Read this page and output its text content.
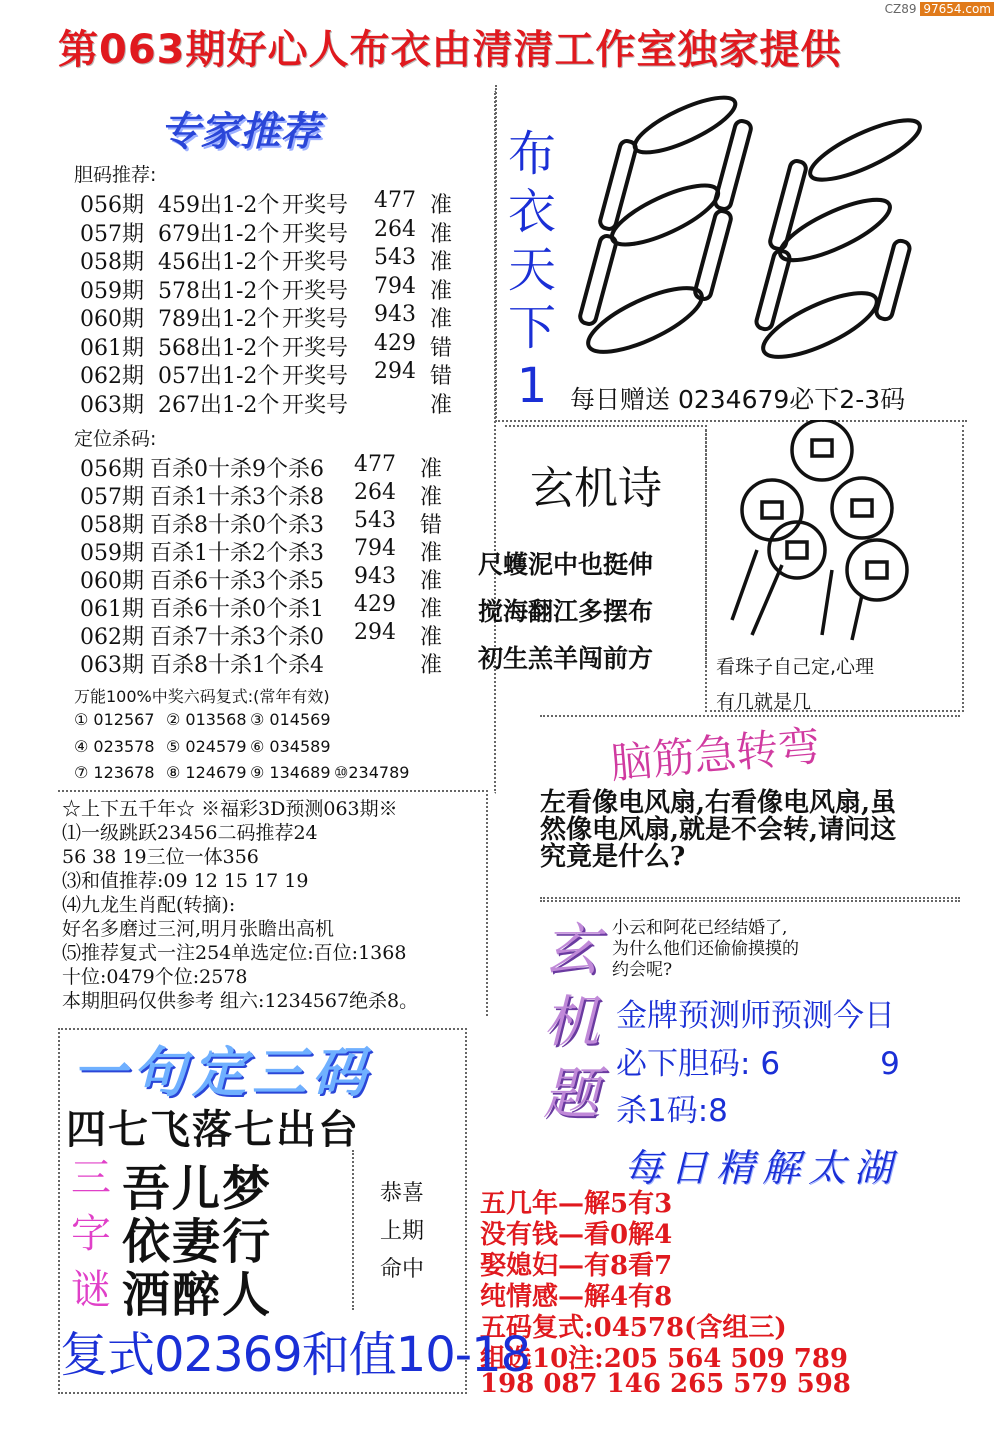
CZ89 97654.com
第063期好心人布衣由清清工作室独家提供
专家推荐
胆码推荐:
056期 459出1-2个 开奖号 477 准
057期 679出1-2个 开奖号 264 准
058期 456出1-2个 开奖号 543 准
059期 578出1-2个 开奖号 794 准
060期 789出1-2个 开奖号 943 准
061期 568出1-2个 开奖号 429 错
062期 057出1-2个 开奖号 294 错
063期 267出1-2个 开奖号	准
定位杀码:
056期 百杀0十杀9个杀6 477 准
057期 百杀1十杀3个杀8 264 准
058期 百杀8十杀0个杀3 543 错
059期 百杀1十杀2个杀3 794 准
060期 百杀6十杀3个杀5 943 准
061期 百杀6十杀0个杀1 429 准
062期 百杀7十杀3个杀0 294 准
063期 百杀8十杀1个杀4	准
万能100%中奖六码复式:(常年有效)
① 012567 ② 013568 ③ 014569
④ 023578 ⑤ 024579 ⑥ 034589
⑦ 123678 ⑧ 124679 ⑨ 134689 ⑩234789
☆上下五千年☆ ※福彩3D预测063期※
⑴一级跳跃23456二码推荐24
56 38 19三位一体356
⑶和值推荐:09 12 15 17 19
⑷九龙生肖配(转摘):
好名多磨过三河,明月张瞻出高机
⑸推荐复式一注254单选定位:百位:1368
十位:0479个位:2578
本期胆码仅供参考 组六:1234567绝杀8。
布
衣
天
下
1 每日赠送 0234679必下2-3码
玄机诗
尺蠖泥中也挺伸
搅海翻江多摆布
初生羔羊闯前方	看珠子自己定,心理
有几就是几
脑筋急转弯
左看像电风扇,右看像电风扇,虽然像电风扇,就是不会转,请问这究竟是什么?
玄
机
题
小云和阿花已经结婚了,
为什么他们还偷偷摸摸的
约会呢?
金牌预测师预测今日
必下胆码: 6	9
杀1码:8
每日精解太湖
五几年—解5有3
没有钱—看0解4
娶媳妇—有8看7
纯情感—解4有8
五码复式:04578(含组三)
组选10注:205 564 509 789
198 087 146 265 579 598
一句定三码
四七飞落七出台
三
字
谜
吾儿梦
依妻行
酒醉人
恭喜
上期
命中
复式02369和值10-18
